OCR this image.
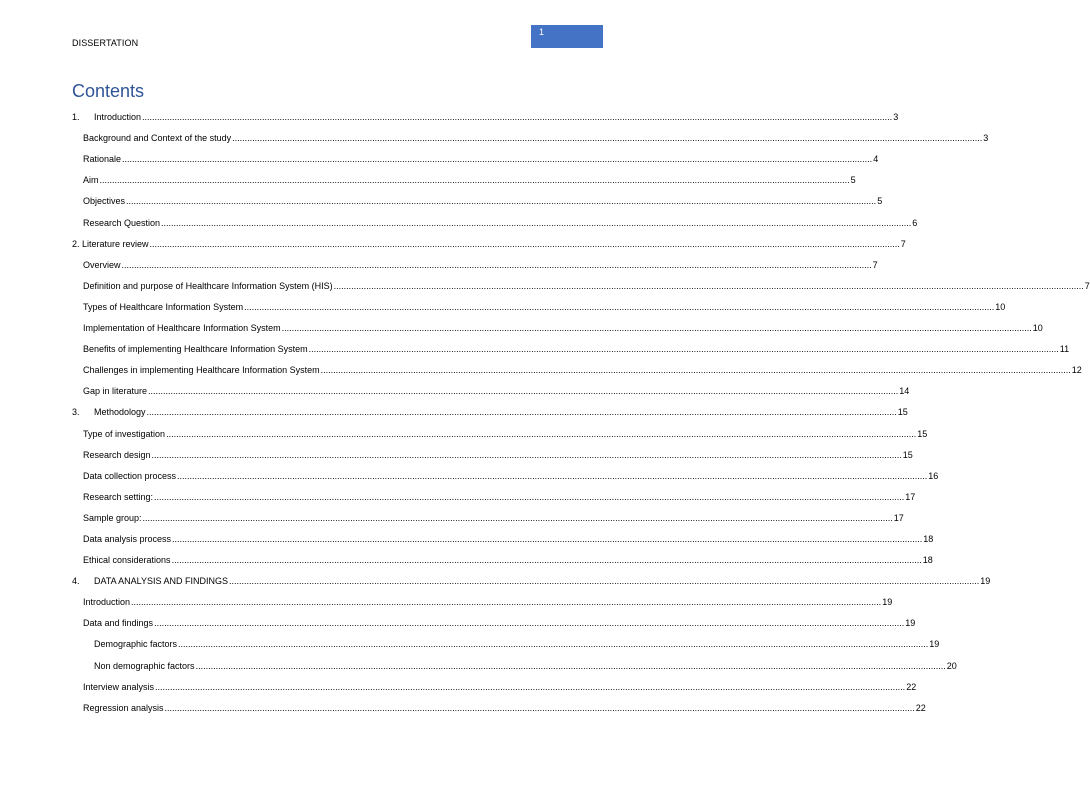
1
DISSERTATION
Contents
1.	Introduction ............................................................................................................................................................................................................................................................................................................ 3
Background and Context of the study ............................................................................................................................................................................................................................................................................................................ 3
Rationale ............................................................................................................................................................................................................................................................................................................ 4
Aim ............................................................................................................................................................................................................................................................................................................ 5
Objectives ............................................................................................................................................................................................................................................................................................................ 5
Research Question ............................................................................................................................................................................................................................................................................................................ 6
2. Literature review ............................................................................................................................................................................................................................................................................................................ 7
Overview ............................................................................................................................................................................................................................................................................................................ 7
Definition and purpose of Healthcare Information System (HIS) ............................................................................................................................................................................................................................................................................................................ 7
Types of Healthcare Information System ............................................................................................................................................................................................................................................................................................................ 10
Implementation of Healthcare Information System ............................................................................................................................................................................................................................................................................................................ 10
Benefits of implementing Healthcare Information System ............................................................................................................................................................................................................................................................................................................ 11
Challenges in implementing Healthcare Information System ............................................................................................................................................................................................................................................................................................................ 12
Gap in literature ............................................................................................................................................................................................................................................................................................................ 14
3.	Methodology ............................................................................................................................................................................................................................................................................................................ 15
Type of investigation ............................................................................................................................................................................................................................................................................................................ 15
Research design ............................................................................................................................................................................................................................................................................................................ 15
Data collection process ............................................................................................................................................................................................................................................................................................................ 16
Research setting: ............................................................................................................................................................................................................................................................................................................ 17
Sample group: ............................................................................................................................................................................................................................................................................................................ 17
Data analysis process ............................................................................................................................................................................................................................................................................................................ 18
Ethical considerations ............................................................................................................................................................................................................................................................................................................ 18
4.	DATA ANALYSIS AND FINDINGS ............................................................................................................................................................................................................................................................................................................ 19
Introduction ............................................................................................................................................................................................................................................................................................................ 19
Data and findings ............................................................................................................................................................................................................................................................................................................ 19
Demographic factors ............................................................................................................................................................................................................................................................................................................ 19
Non demographic factors ............................................................................................................................................................................................................................................................................................................ 20
Interview analysis ............................................................................................................................................................................................................................................................................................................ 22
Regression analysis ............................................................................................................................................................................................................................................................................................................ 22
